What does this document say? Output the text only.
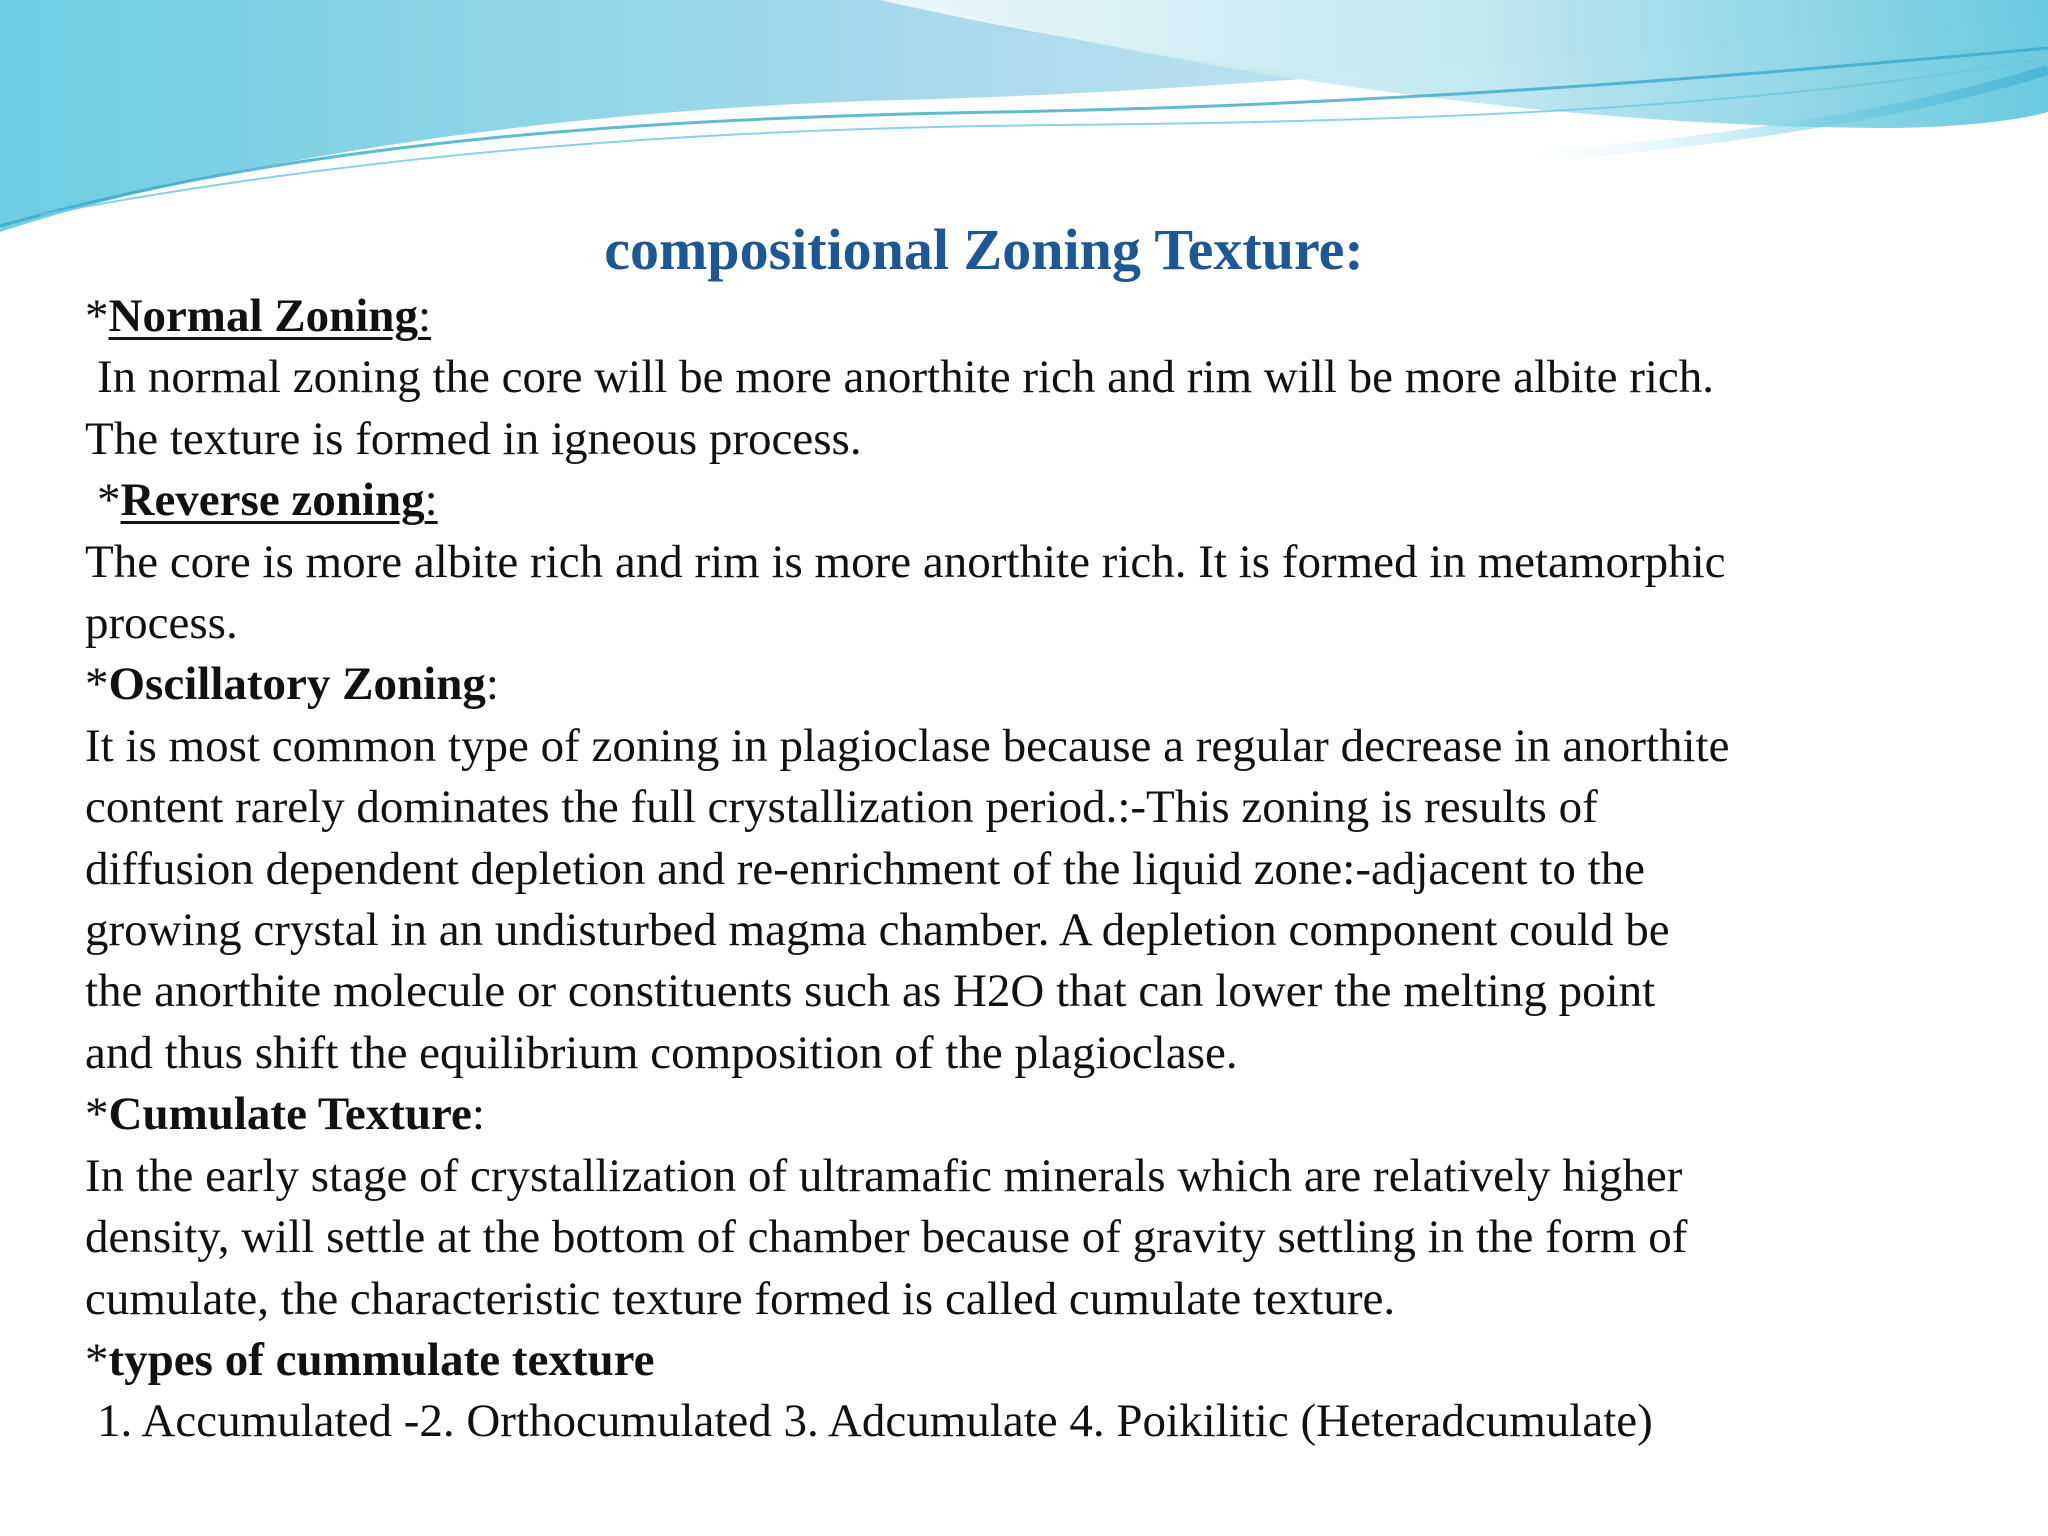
compositional Zoning Texture:

*Normal Zoning:

In normal zoning the core will be more anorthite rich and rim will be more albite rich.

The texture is formed in igneous process.

*Reverse zoning:

The core is more albite rich and rim is more anorthite rich. It is formed in metamorphic

process.

*Oscillatory Zoning:

It is most common type of zoning in plagioclase because a regular decrease in anorthite

content rarely dominates the full crystallization period.:-This zoning is results of

diffusion dependent depletion and re-enrichment of the liquid zone:-adjacent to the

growing crystal in an undisturbed magma chamber. A depletion component could be

the anorthite molecule or constituents such as H2O that can lower the melting point

and thus shift the equilibrium composition of the plagioclase.

*Cumulate Texture:

In the early stage of crystallization of ultramafic minerals which are relatively higher

density, will settle at the bottom of chamber because of gravity settling in the form of

cumulate, the characteristic texture formed is called cumulate texture.

*types of cummulate texture

1. Accumulated -2. Orthocumulated 3. Adcumulate 4. Poikilitic (Heteradcumulate)
